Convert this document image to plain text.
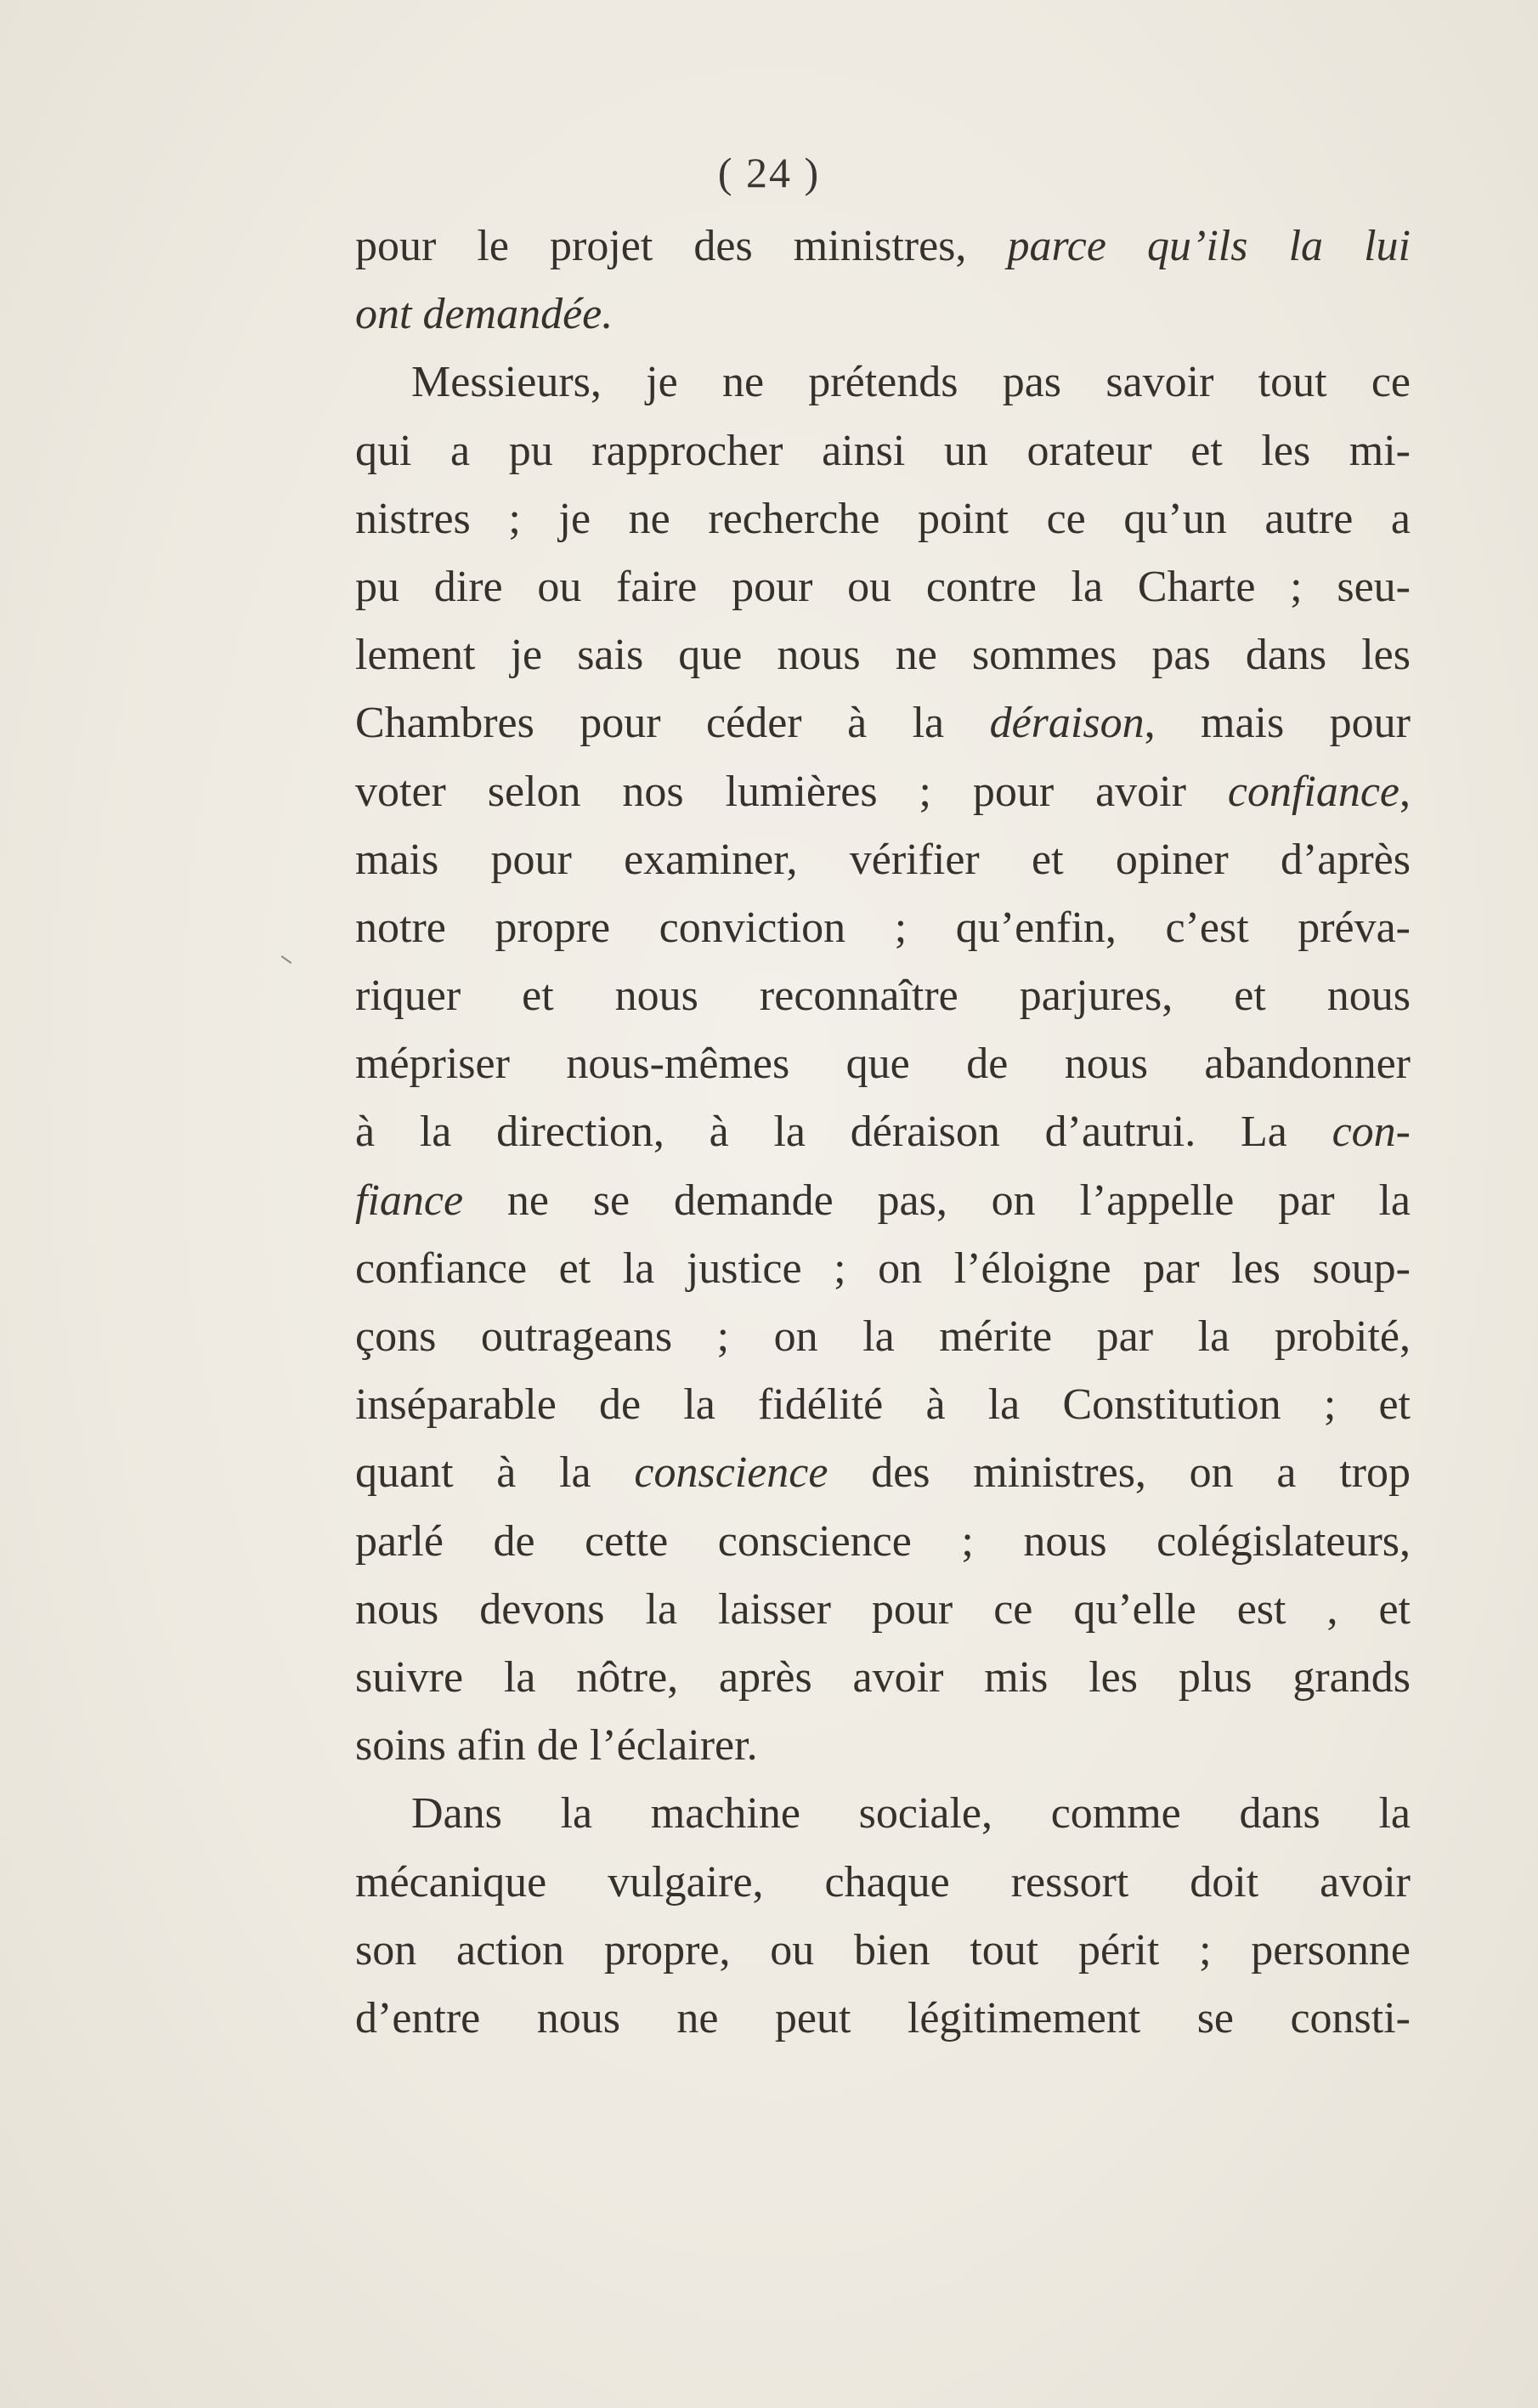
( 24 )
pour le projet des ministres, parce qu’ils la lui
ont demandée.
Messieurs, je ne prétends pas savoir tout ce
qui a pu rapprocher ainsi un orateur et les mi-
nistres ; je ne recherche point ce qu’un autre a
pu dire ou faire pour ou contre la Charte ; seu-
lement je sais que nous ne sommes pas dans les
Chambres pour céder à la déraison, mais pour
voter selon nos lumières ; pour avoir confiance,
mais pour examiner, vérifier et opiner d’après
notre propre conviction ; qu’enfin, c’est préva-
riquer et nous reconnaître parjures, et nous
mépriser nous-mêmes que de nous abandonner
à la direction, à la déraison d’autrui. La con-
fiance ne se demande pas, on l’appelle par la
confiance et la justice ; on l’éloigne par les soup-
çons outrageans ; on la mérite par la probité,
inséparable de la fidélité à la Constitution ; et
quant à la conscience des ministres, on a trop
parlé de cette conscience ; nous colégislateurs,
nous devons la laisser pour ce qu’elle est , et
suivre la nôtre, après avoir mis les plus grands
soins afin de l’éclairer.
Dans la machine sociale, comme dans la
mécanique vulgaire, chaque ressort doit avoir
son action propre, ou bien tout périt ; personne
d’entre nous ne peut légitimement se consti-
